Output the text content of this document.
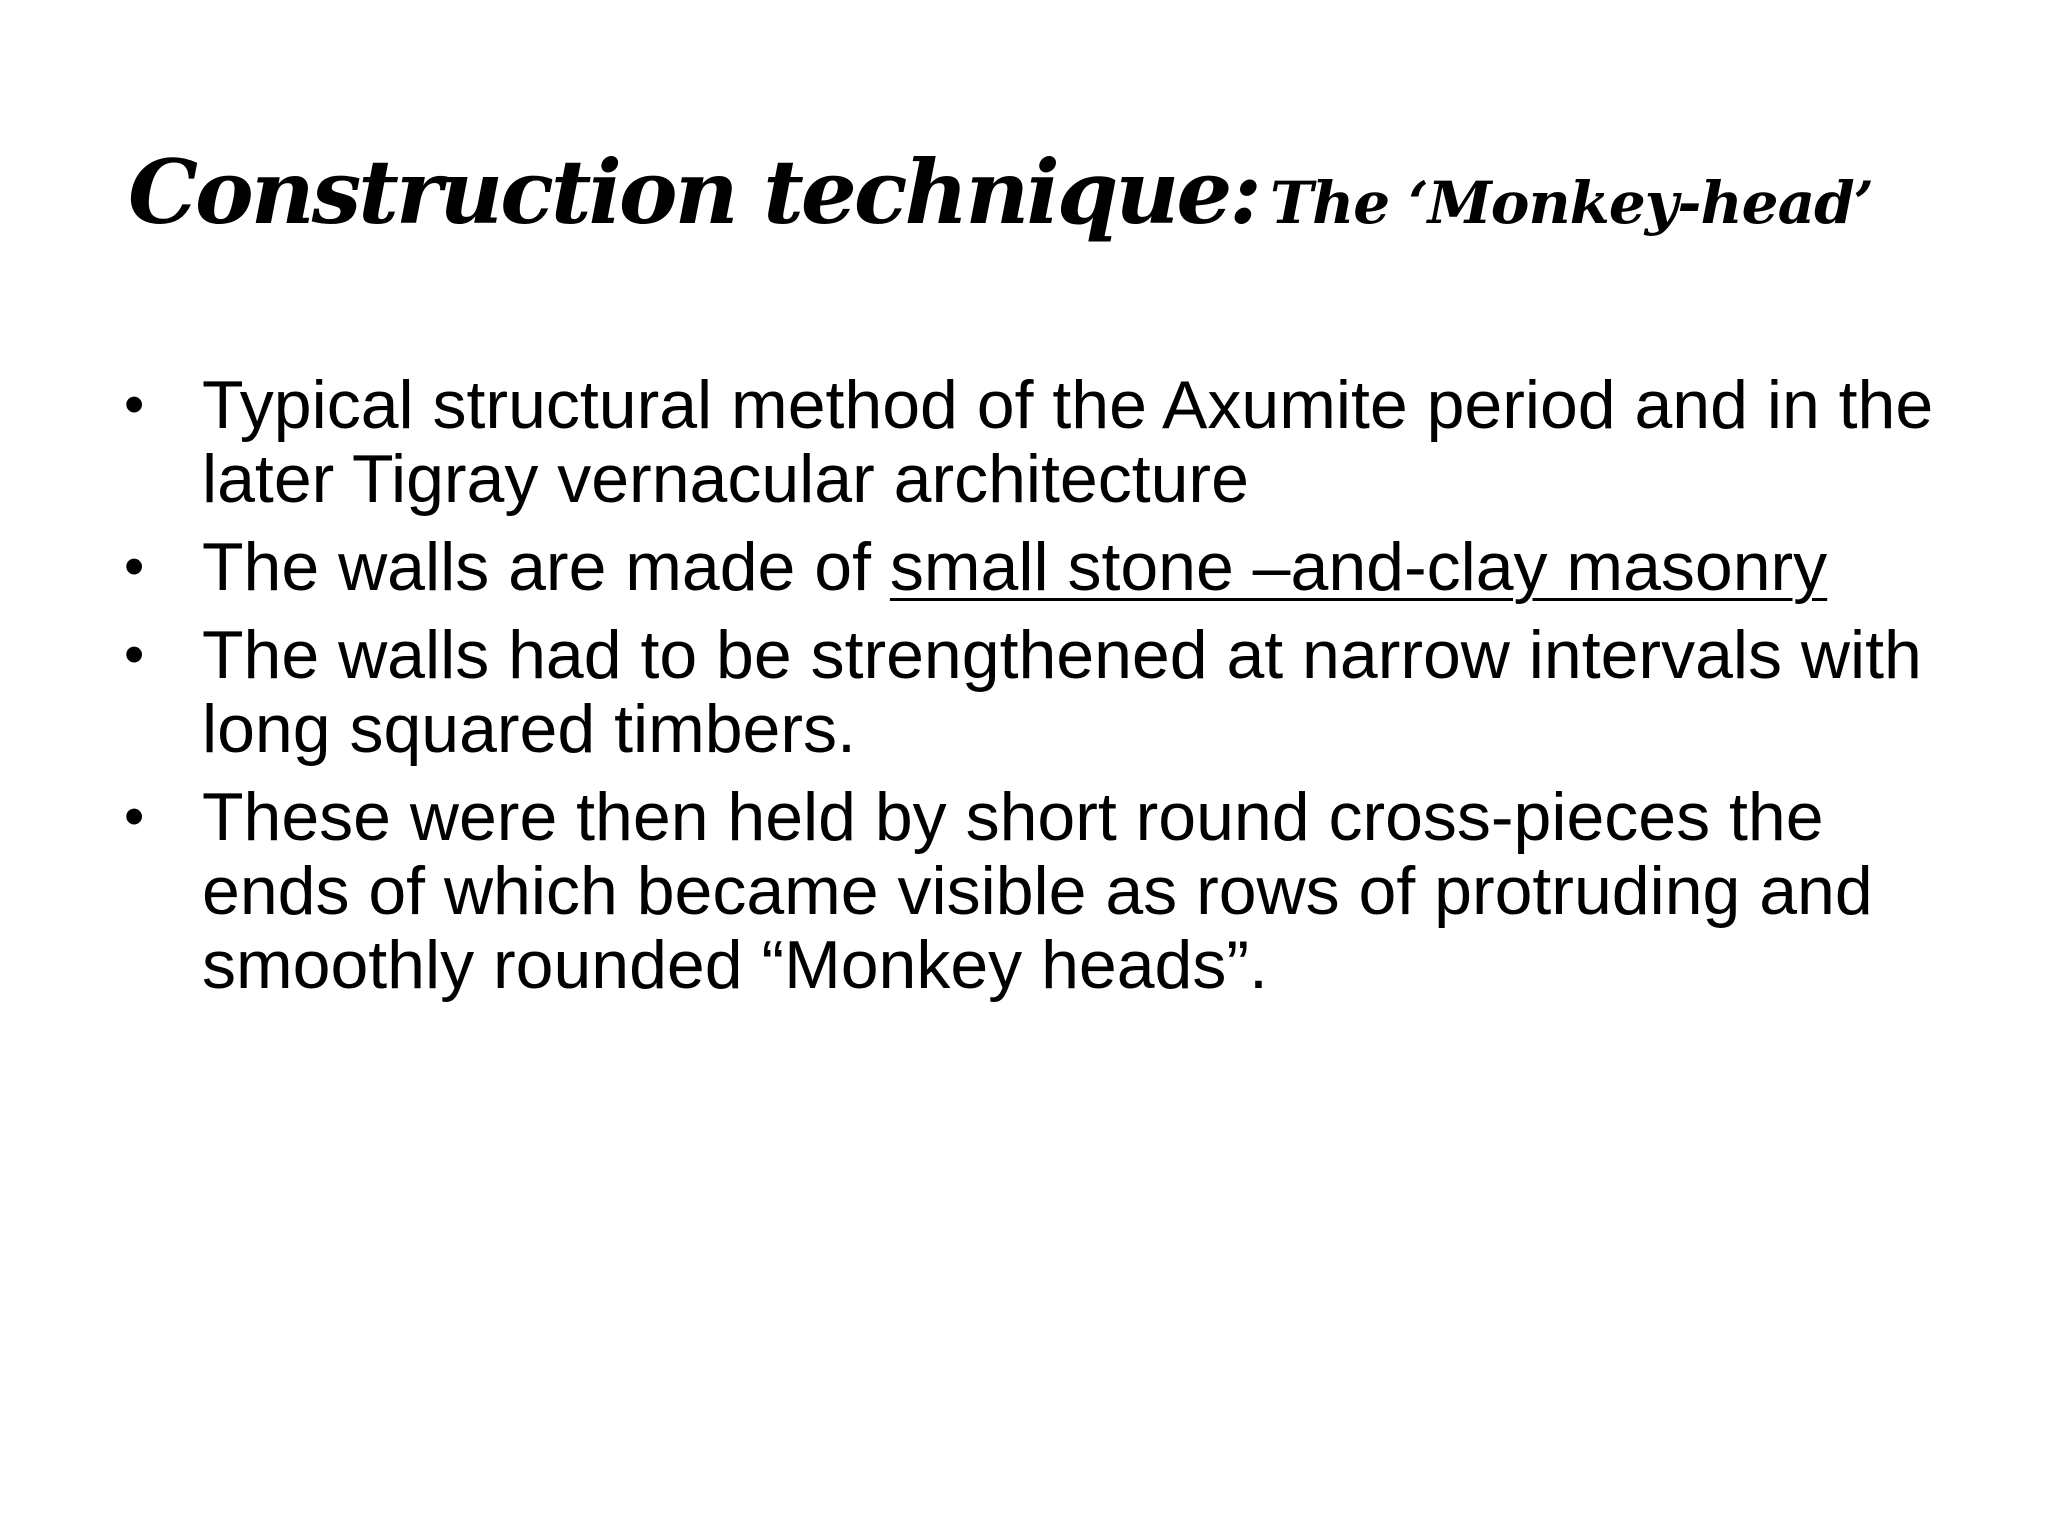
Construction technique: The ‘Monkey-head’
• Typical structural method of the Axumite period and in the later Tigray vernacular architecture
• The walls are made of small stone –and-clay masonry
• The walls had to be strengthened at narrow intervals with long squared timbers.
• These were then held by short round cross-pieces the ends of which became visible as rows of protruding and smoothly rounded “Monkey heads”.
